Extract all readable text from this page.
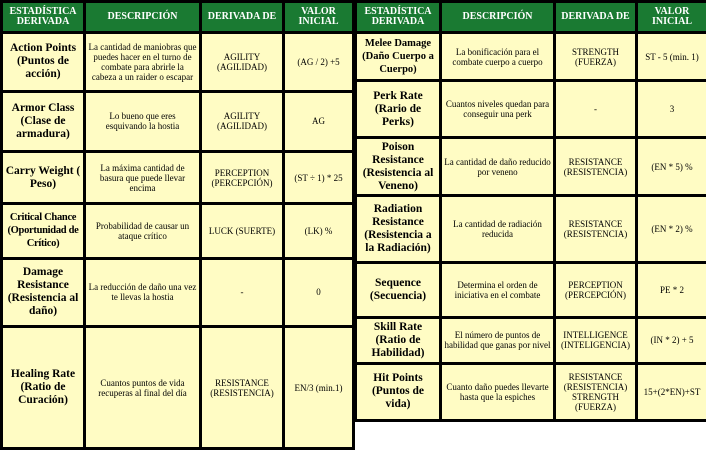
ESTADÍSTICA DERIVADA	DESCRIPCIÓN	DERIVADA DE	VALOR INICIAL
Action Points (Puntos de acción)	La cantidad de maniobras que puedes hacer en el turno de combate para abrirle la cabeza a un raider o escapar	AGILITY (AGILIDAD)	(AG / 2) +5
Armor Class (Clase de armadura)	Lo bueno que eres esquivando la hostia	AGILITY (AGILIDAD)	AG
Carry Weight ( Peso)	La máxima cantidad de basura que puede llevar encima	PERCEPTION (PERCEPCIÓN)	(ST ÷ 1) * 25
Critical Chance (Oportunidad de Crítico)	Probabilidad de causar un ataque crítico	LUCK (SUERTE)	(LK) %
Damage Resistance (Resistencia al daño)	La reducción de daño una vez te llevas la hostia	-	0
Healing Rate (Ratio de Curación)	Cuantos puntos de vida recuperas al final del día	RESISTANCE (RESISTENCIA)	EN/3 (min.1)
ESTADÍSTICA DERIVADA	DESCRIPCIÓN	DERIVADA DE	VALOR INICIAL
Melee Damage (Daño Cuerpo a Cuerpo)	La bonificación para el combate cuerpo a cuerpo	STRENGTH (FUERZA)	ST - 5 (min. 1)
Perk Rate (Rario de Perks)	Cuantos niveles quedan para conseguir una perk	-	3
Poison Resistance (Resistencia al Veneno)	La cantidad de daño reducido por veneno	RESISTANCE (RESISTENCIA)	(EN * 5) %
Radiation Resistance (Resistencia a la Radiación)	La cantidad de radiación reducida	RESISTANCE (RESISTENCIA)	(EN * 2) %
Sequence (Secuencia)	Determina el orden de iniciativa en el combate	PERCEPTION (PERCEPCIÓN)	PE * 2
Skill Rate (Ratio de Habilidad)	El número de puntos de habilidad que ganas por nivel	INTELLIGENCE (INTELIGENCIA)	(IN * 2) + 5
Hit Points (Puntos de vida)	Cuanto daño puedes llevarte hasta que la espiches	RESISTANCE (RESISTENCIA) STRENGTH (FUERZA)	15+(2*EN)+ST
